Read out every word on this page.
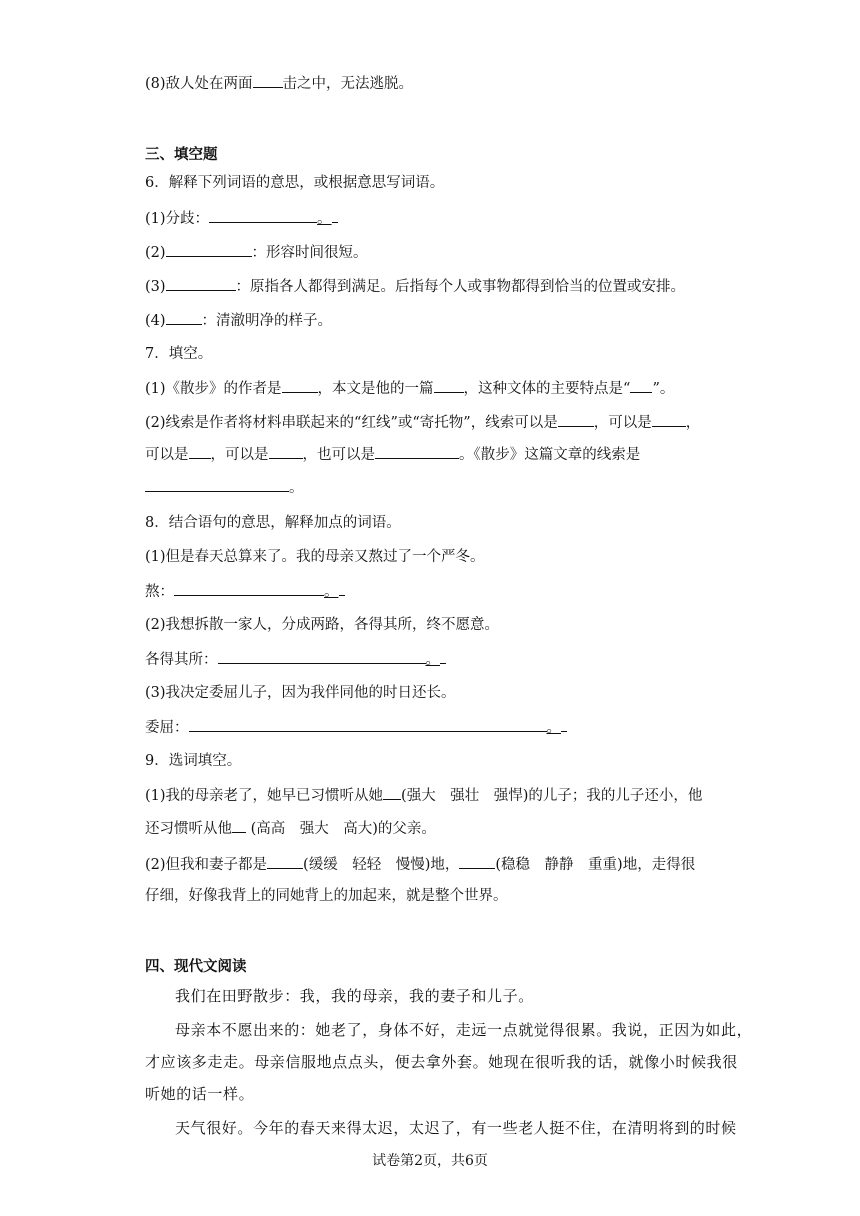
(8)敌人处在两面 击之中，无法逃脱。
三、填空题
6．解释下列词语的意思，或根据意思写词语。
(1)分歧：	。
(2)	：形容时间很短。
(3)	：原指各人都得到满足。后指每个人或事物都得到恰当的位置或安排。
(4) ：清澈明净的样子。
7．填空。
(1)《散步》的作者是 ，本文是他的一篇 ，这种文体的主要特点是“ ”。
(2)线索是作者将材料串联起来的“红线”或“寄托物”，线索可以是 ，可以是 ，
可以是 ，可以是 ，也可以是	。《散步》这篇文章的线索是
。
8．结合语句的意思，解释加点的词语。
(1)但是春天总算来了。我的母亲又熬过了一个严冬。
熬：	。
(2)我想拆散一家人，分成两路，各得其所，终不愿意。
各得其所：	。
(3)我决定委屈儿子，因为我伴同他的时日还长。
委屈：	。
9．选词填空。
(1)我的母亲老了，她早已习惯听从她 (强大　强壮　强悍)的儿子；我的儿子还小，他
还习惯听从他 (高高　强大　高大)的父亲。
(2)但我和妻子都是 (缓缓　轻轻　慢慢)地， (稳稳　静静　重重)地，走得很
仔细，好像我背上的同她背上的加起来，就是整个世界。
四、现代文阅读
我们在田野散步：我，我的母亲，我的妻子和儿子。
母亲本不愿出来的：她老了，身体不好，走远一点就觉得很累。我说，正因为如此，
才应该多走走。母亲信服地点点头，便去拿外套。她现在很听我的话，就像小时候我很
听她的话一样。
天气很好。今年的春天来得太迟，太迟了，有一些老人挺不住，在清明将到的时候
试卷第2页，共6页
